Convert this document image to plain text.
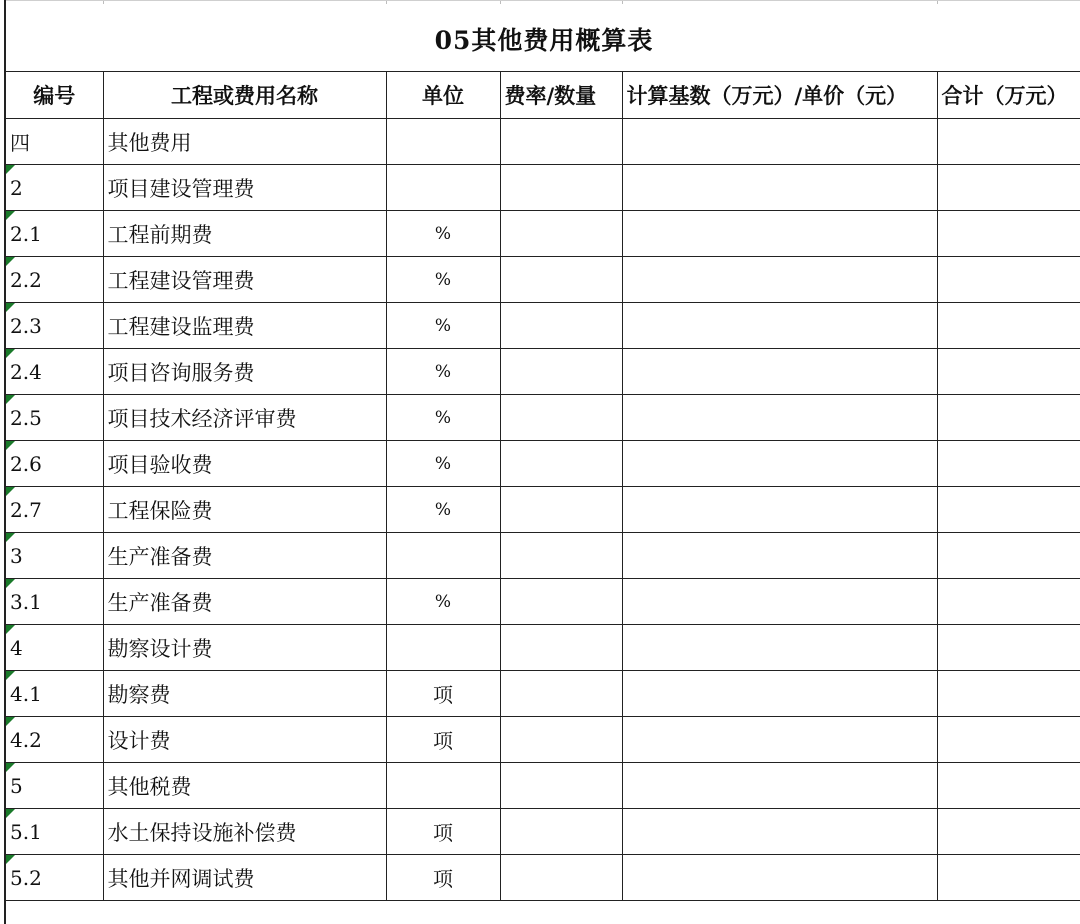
05其他费用概算表
编号	工程或费用名称	单位	费率/数量	计算基数（万元）/单价（元）	合计（万元）
四	其他费用				

2	项目建设管理费				

2.1	工程前期费	%			

2.2	工程建设管理费	%			

2.3	工程建设监理费	%			

2.4	项目咨询服务费	%			

2.5	项目技术经济评审费	%			

2.6	项目验收费	%			

2.7	工程保险费	%			

3	生产准备费				

3.1	生产准备费	%			

4	勘察设计费				

4.1	勘察费	项			

4.2	设计费	项			

5	其他税费				

5.1	水土保持设施补偿费	项			

5.2	其他并网调试费	项			
